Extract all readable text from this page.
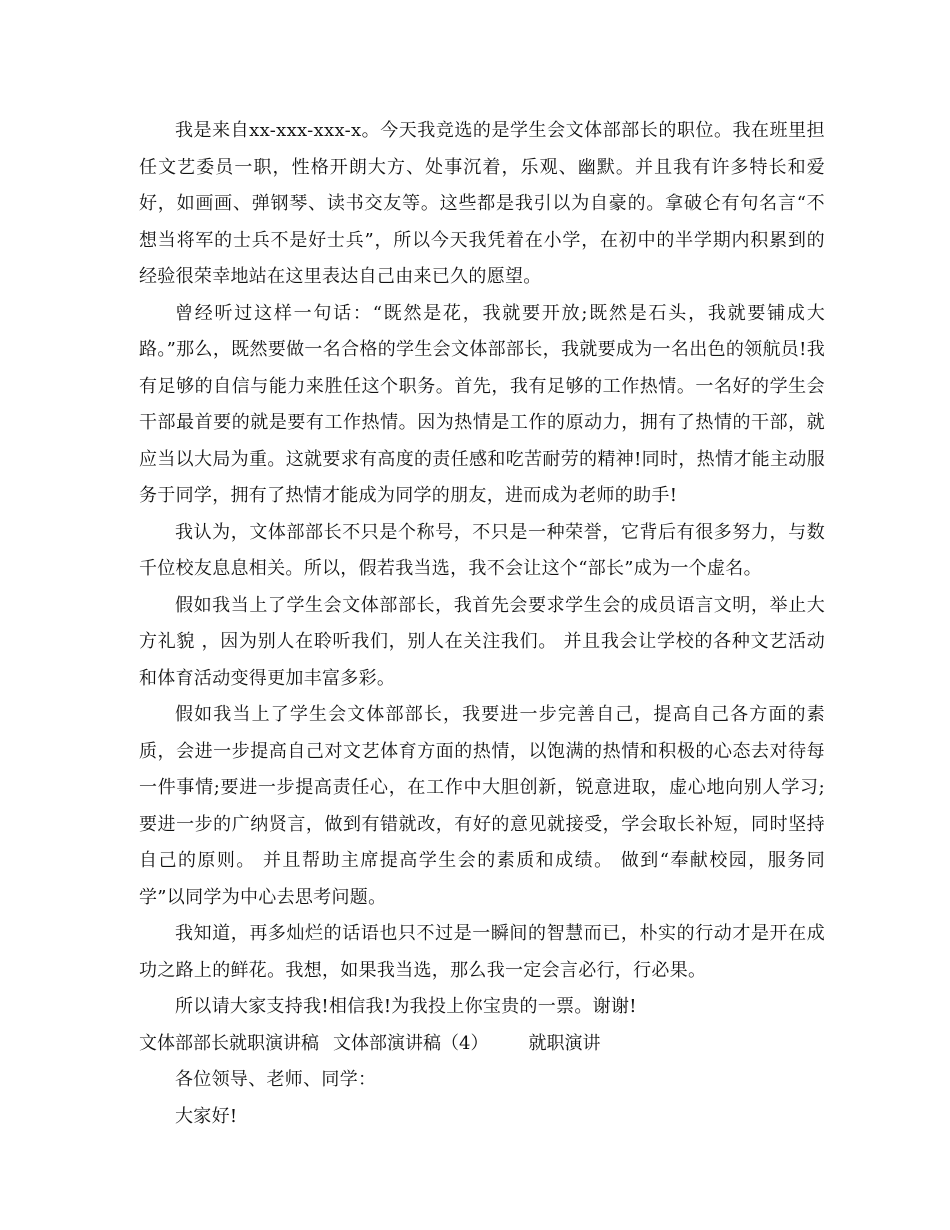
我是来自xx-xxx-xxx-x。今天我竞选的是学生会文体部部长的职位。我在班里担任文艺委员一职，性格开朗大方、处事沉着，乐观、幽默。并且我有许多特长和爱好，如画画、弹钢琴、读书交友等。这些都是我引以为自豪的。拿破仑有句名言“不想当将军的士兵不是好士兵”，所以今天我凭着在小学，在初中的半学期内积累到的经验很荣幸地站在这里表达自己由来已久的愿望。

曾经听过这样一句话：“既然是花，我就要开放;既然是石头，我就要铺成大路。”那么，既然要做一名合格的学生会文体部部长，我就要成为一名出色的领航员!我有足够的自信与能力来胜任这个职务。首先，我有足够的工作热情。一名好的学生会干部最首要的就是要有工作热情。因为热情是工作的原动力，拥有了热情的干部，就应当以大局为重。这就要求有高度的责任感和吃苦耐劳的精神!同时，热情才能主动服务于同学，拥有了热情才能成为同学的朋友，进而成为老师的助手!

我认为，文体部部长不只是个称号，不只是一种荣誉，它背后有很多努力，与数千位校友息息相关。所以，假若我当选，我不会让这个“部长”成为一个虚名。

假如我当上了学生会文体部部长，我首先会要求学生会的成员语言文明，举止大方礼貌 ，因为别人在聆听我们，别人在关注我们。 并且我会让学校的各种文艺活动和体育活动变得更加丰富多彩。

假如我当上了学生会文体部部长，我要进一步完善自己，提高自己各方面的素质，会进一步提高自己对文艺体育方面的热情，以饱满的热情和积极的心态去对待每一件事情;要进一步提高责任心，在工作中大胆创新，锐意进取，虚心地向别人学习;要进一步的广纳贤言，做到有错就改，有好的意见就接受，学会取长补短，同时坚持自己的原则。 并且帮助主席提高学生会的素质和成绩。 做到“奉献校园，服务同学”以同学为中心去思考问题。

我知道，再多灿烂的话语也只不过是一瞬间的智慧而已，朴实的行动才是开在成功之路上的鲜花。我想，如果我当选，那么我一定会言必行，行必果。

所以请大家支持我!相信我!为我投上你宝贵的一票。谢谢!

文体部部长就职演讲稿 文体部演讲稿（4） 就职演讲

各位领导、老师、同学：

大家好!
